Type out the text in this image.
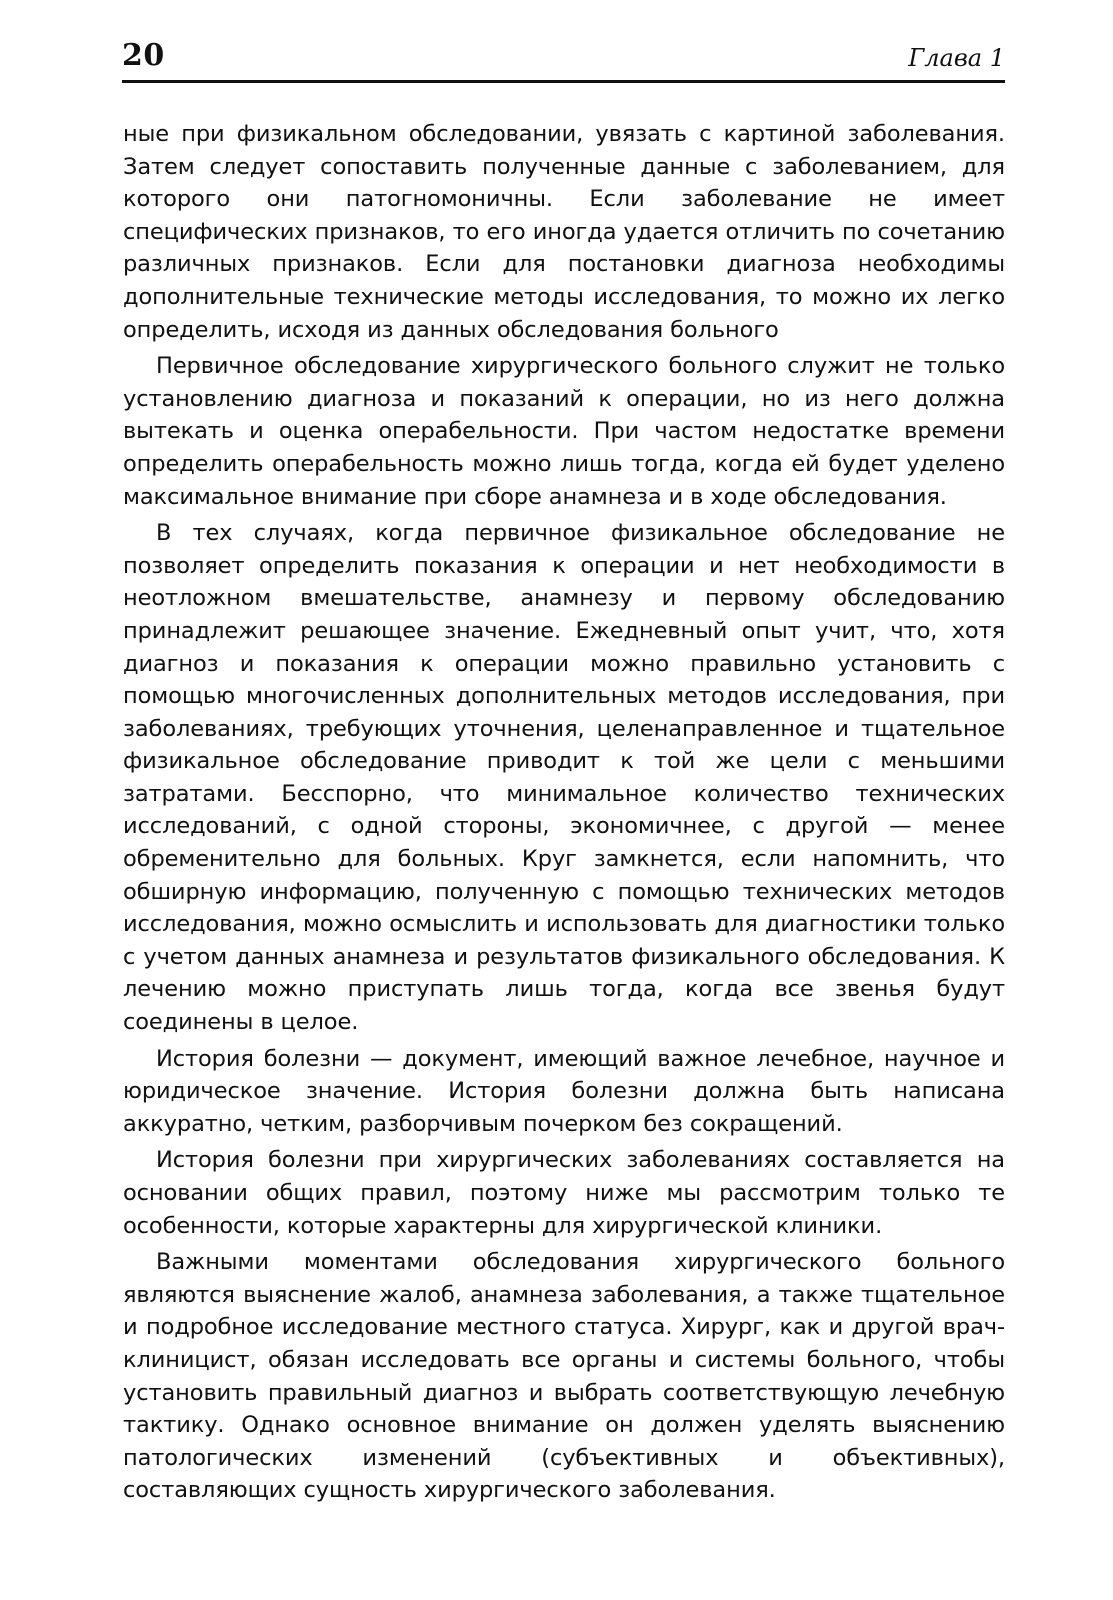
20	Глава 1

ные при физикальном обследовании, увязать с картиной заболевания. Затем следует сопоставить полученные данные с заболеванием, для которого они патогномоничны. Если заболевание не имеет специфических признаков, то его иногда удается отличить по сочетанию различных признаков. Если для постановки диагноза необходимы дополнительные технические методы исследования, то можно их легко определить, исходя из данных обследования больного

Первичное обследование хирургического больного служит не только установлению диагноза и показаний к операции, но из него должна вытекать и оценка операбельности. При частом недостатке времени определить операбельность можно лишь тогда, когда ей будет уделено максимальное внимание при сборе анамнеза и в ходе обследования.

В тех случаях, когда первичное физикальное обследование не позволяет определить показания к операции и нет необходимости в неотложном вмешательстве, анамнезу и первому обследованию принадлежит решающее значение. Ежедневный опыт учит, что, хотя диагноз и показания к операции можно правильно установить с помощью многочисленных дополнительных методов исследования, при заболеваниях, требующих уточнения, целенаправленное и тщательное физикальное обследование приводит к той же цели с меньшими затратами. Бесспорно, что минимальное количество технических исследований, с одной стороны, экономичнее, с другой — менее обременительно для больных. Круг замкнется, если напомнить, что обширную информацию, полученную с помощью технических методов исследования, можно осмыслить и использовать для диагностики только с учетом данных анамнеза и результатов физикального обследования. К лечению можно приступать лишь тогда, когда все звенья будут соединены в целое.

История болезни — документ, имеющий важное лечебное, научное и юридическое значение. История болезни должна быть написана аккуратно, четким, разборчивым почерком без сокращений.

История болезни при хирургических заболеваниях составляется на основании общих правил, поэтому ниже мы рассмотрим только те особенности, которые характерны для хирургической клиники.

Важными моментами обследования хирургического больного являются выяснение жалоб, анамнеза заболевания, а также тщательное и подробное исследование местного статуса. Хирург, как и другой врач-клиницист, обязан исследовать все органы и системы больного, чтобы установить правильный диагноз и выбрать соответствующую лечебную тактику. Однако основное внимание он должен уделять выяснению патологических изменений (субъективных и объективных), составляющих сущность хирургического заболевания.
